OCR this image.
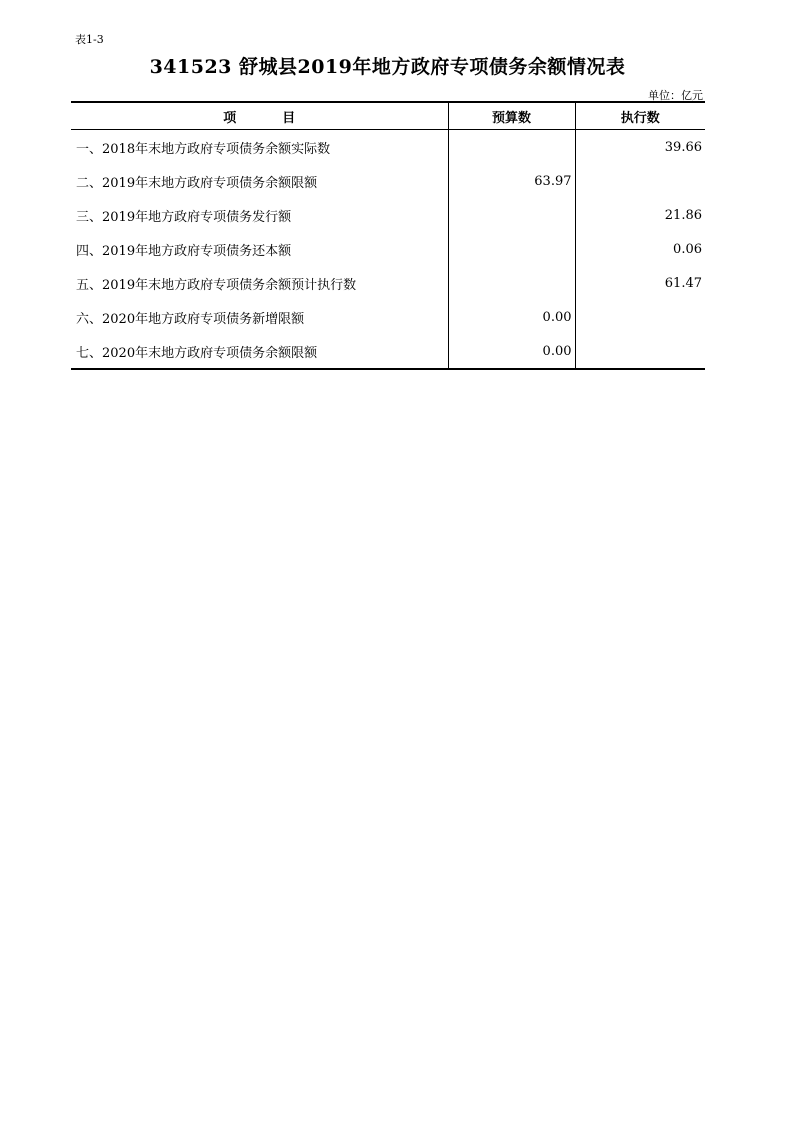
表1-3
341523 舒城县2019年地方政府专项债务余额情况表
单位：亿元
项 目	预算数	执行数
一、2018年末地方政府专项债务余额实际数		39.66
二、2019年末地方政府专项债务余额限额	63.97	
三、2019年地方政府专项债务发行额		21.86
四、2019年地方政府专项债务还本额		0.06
五、2019年末地方政府专项债务余额预计执行数		61.47
六、2020年地方政府专项债务新增限额	0.00	
七、2020年末地方政府专项债务余额限额	0.00	
